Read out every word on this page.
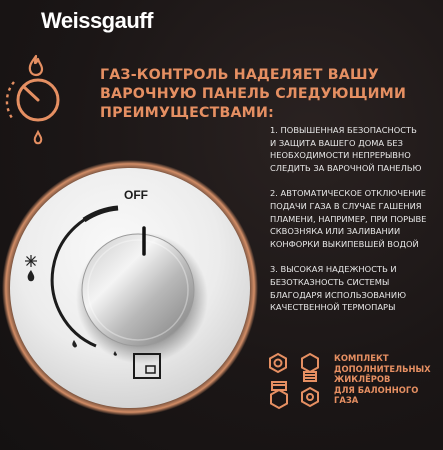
Weissgauff
ГАЗ-КОНТРОЛЬ НАДЕЛЯЕТ ВАШУ
ВАРОЧНУЮ ПАНЕЛЬ СЛЕДУЮЩИМИ
ПРЕИМУЩЕСТВАМИ:
1. ПОВЫШЕННАЯ БЕЗОПАСНОСТЬ
И ЗАЩИТА ВАШЕГО ДОМА БЕЗ
НЕОБХОДИМОСТИ НЕПРЕРЫВНО
СЛЕДИТЬ ЗА ВАРОЧНОЙ ПАНЕЛЬЮ
2. АВТОМАТИЧЕСКОЕ ОТКЛЮЧЕНИЕ
ПОДАЧИ ГАЗА В СЛУЧАЕ ГАШЕНИЯ
ПЛАМЕНИ, НАПРИМЕР, ПРИ ПОРЫВЕ
СКВОЗНЯКА ИЛИ ЗАЛИВАНИИ
КОНФОРКИ ВЫКИПЕВШЕЙ ВОДОЙ
3. ВЫСОКАЯ НАДЕЖНОСТЬ И
БЕЗОТКАЗНОСТЬ СИСТЕМЫ
БЛАГОДАРЯ ИСПОЛЬЗОВАНИЮ
КАЧЕСТВЕННОЙ ТЕРМОПАРЫ
OFF
КОМПЛЕКТ
ДОПОЛНИТЕЛЬНЫХ
ЖИКЛЁРОВ
ДЛЯ БАЛОННОГО
ГАЗА
